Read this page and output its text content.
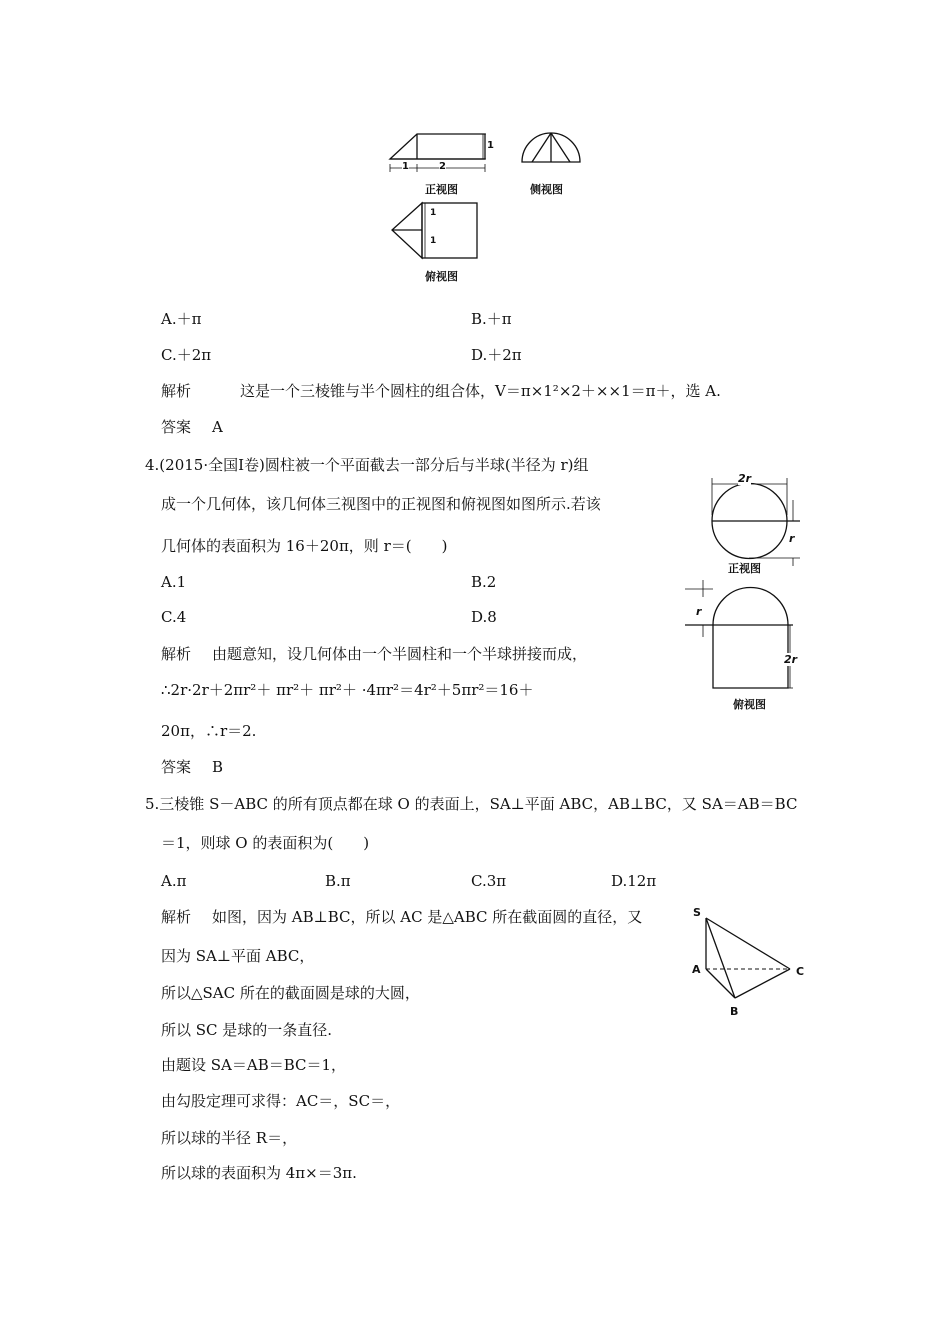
1	2
1
正视图	侧视图
1
1
俯视图
A.＋π	B.＋π
C.＋2π	D.＋2π
解析	这是一个三棱锥与半个圆柱的组合体，V＝π×1²×2＋××1＝π＋，选 A.
答案 A
4.(2015·全国Ⅰ卷)圆柱被一个平面截去一部分后与半球(半径为 r)组
成一个几何体，该几何体三视图中的正视图和俯视图如图所示.若该
几何体的表面积为 16＋20π，则 r＝(　　)
A.1	B.2
C.4	D.8
解析 由题意知，设几何体由一个半圆柱和一个半球拼接而成，
∴2r·2r＋2πr²＋ πr²＋ πr²＋ ·4πr²＝4r²＋5πr²＝16＋
20π，∴r＝2.
答案 B
2r
r
正视图
r
2r
俯视图
5.三棱锥 S－ABC 的所有顶点都在球 O 的表面上，SA⊥平面 ABC，AB⊥BC，又 SA＝AB＝BC
＝1，则球 O 的表面积为(　　)
A.π	B.π	C.3π	D.12π
解析 如图，因为 AB⊥BC，所以 AC 是△ABC 所在截面圆的直径，又
因为 SA⊥平面 ABC，
所以△SAC 所在的截面圆是球的大圆，
所以 SC 是球的一条直径.
由题设 SA＝AB＝BC＝1，
由勾股定理可求得：AC＝，SC＝，
所以球的半径 R＝，
所以球的表面积为 4π×＝3π.
S
A
B
C
